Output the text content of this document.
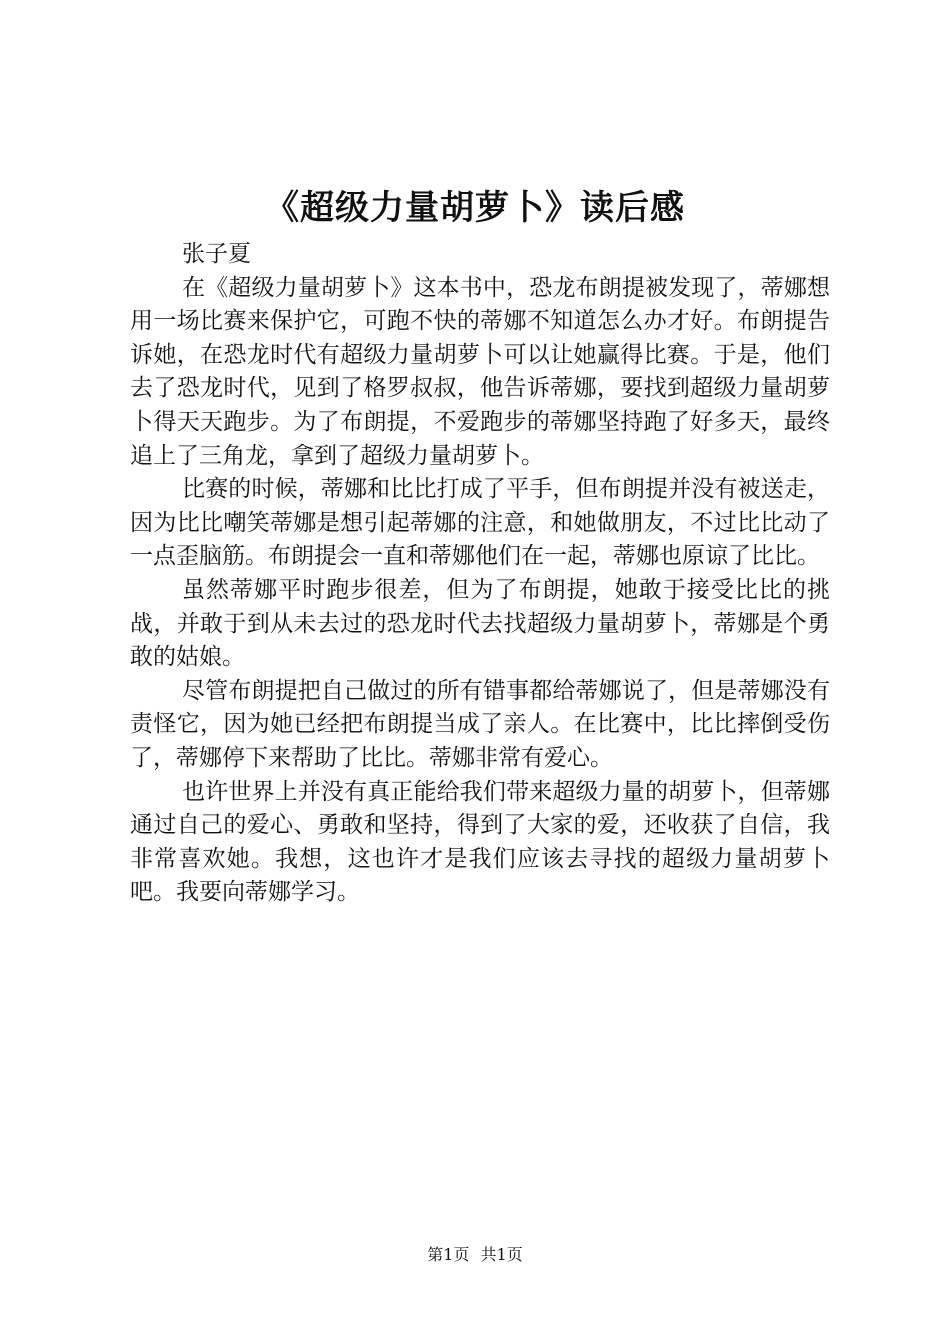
《超级力量胡萝卜》读后感

张子夏

在《超级力量胡萝卜》这本书中，恐龙布朗提被发现了，蒂娜想用一场比赛来保护它，可跑不快的蒂娜不知道怎么办才好。布朗提告诉她，在恐龙时代有超级力量胡萝卜可以让她赢得比赛。于是，他们去了恐龙时代，见到了格罗叔叔，他告诉蒂娜，要找到超级力量胡萝卜得天天跑步。为了布朗提，不爱跑步的蒂娜坚持跑了好多天，最终追上了三角龙，拿到了超级力量胡萝卜。

比赛的时候，蒂娜和比比打成了平手，但布朗提并没有被送走，因为比比嘲笑蒂娜是想引起蒂娜的注意，和她做朋友，不过比比动了一点歪脑筋。布朗提会一直和蒂娜他们在一起，蒂娜也原谅了比比。

虽然蒂娜平时跑步很差，但为了布朗提，她敢于接受比比的挑战，并敢于到从未去过的恐龙时代去找超级力量胡萝卜，蒂娜是个勇敢的姑娘。

尽管布朗提把自己做过的所有错事都给蒂娜说了，但是蒂娜没有责怪它，因为她已经把布朗提当成了亲人。在比赛中，比比摔倒受伤了，蒂娜停下来帮助了比比。蒂娜非常有爱心。

也许世界上并没有真正能给我们带来超级力量的胡萝卜，但蒂娜通过自己的爱心、勇敢和坚持，得到了大家的爱，还收获了自信，我非常喜欢她。我想，这也许才是我们应该去寻找的超级力量胡萝卜吧。我要向蒂娜学习。

第1页 共1页
